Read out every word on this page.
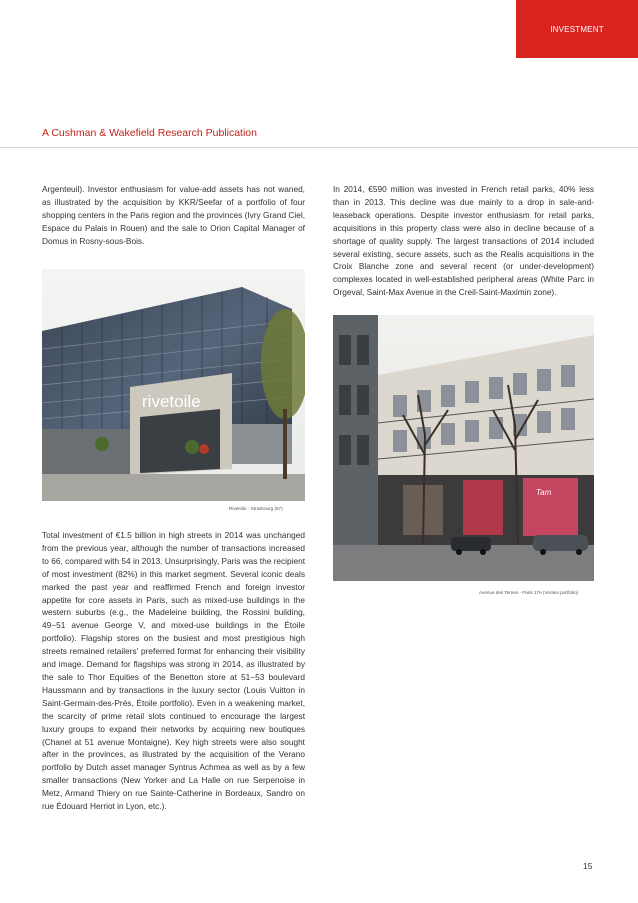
INVESTMENT
A Cushman & Wakefield Research Publication

Argenteuil). Investor enthusiasm for value-add assets has not waned, as illustrated by the acquisition by KKR/Seefar of a portfolio of four shopping centers in the Paris region and the provinces (Ivry Grand Ciel, Espace du Palais in Rouen) and the sale to Orion Capital Manager of Domus in Rosny-sous-Bois.

In 2014, €590 million was invested in French retail parks, 40% less than in 2013. This decline was due mainly to a drop in sale-and-leaseback operations. Despite investor enthusiasm for retail parks, acquisitions in this property class were also in decline because of a shortage of quality supply. The largest transactions of 2014 included several existing, secure assets, such as the Realis acquisitions in the Croix Blanche zone and several recent (or under-development) complexes located in well-established peripheral areas (White Parc in Orgeval, Saint-Max Avenue in the Creil-Saint-Maximin zone).

rivetoile
Rivetoile - Strasbourg (67)
Tam
Avenue des Ternes - Paris 17e (Verano portfolio)

Total investment of €1.5 billion in high streets in 2014 was unchanged from the previous year, although the number of transactions increased to 66, compared with 54 in 2013. Unsurprisingly, Paris was the recipient of most investment (82%) in this market segment. Several iconic deals marked the past year and reaffirmed French and foreign investor appetite for core assets in Paris, such as mixed-use buildings in the western suburbs (e.g., the Madeleine building, the Rossini building, 49−51 avenue George V, and mixed-use buildings in the Étoile portfolio). Flagship stores on the busiest and most prestigious high streets remained retailers' preferred format for enhancing their visibility and image. Demand for flagships was strong in 2014, as illustrated by the sale to Thor Equities of the Benetton store at 51−53 boulevard Haussmann and by transactions in the luxury sector (Louis Vuitton in Saint-Germain-des-Prés, Étoile portfolio). Even in a weakening market, the scarcity of prime retail slots continued to encourage the largest luxury groups to expand their networks by acquiring new boutiques (Chanel at 51 avenue Montaigne). Key high streets were also sought after in the provinces, as illustrated by the acquisition of the Verano portfolio by Dutch asset manager Syntrus Achmea as well as by a few smaller transactions (New Yorker and La Halle on rue Serpenoise in Metz, Armand Thiery on rue Sainte-Catherine in Bordeaux, Sandro on rue Édouard Herriot in Lyon, etc.).

15
